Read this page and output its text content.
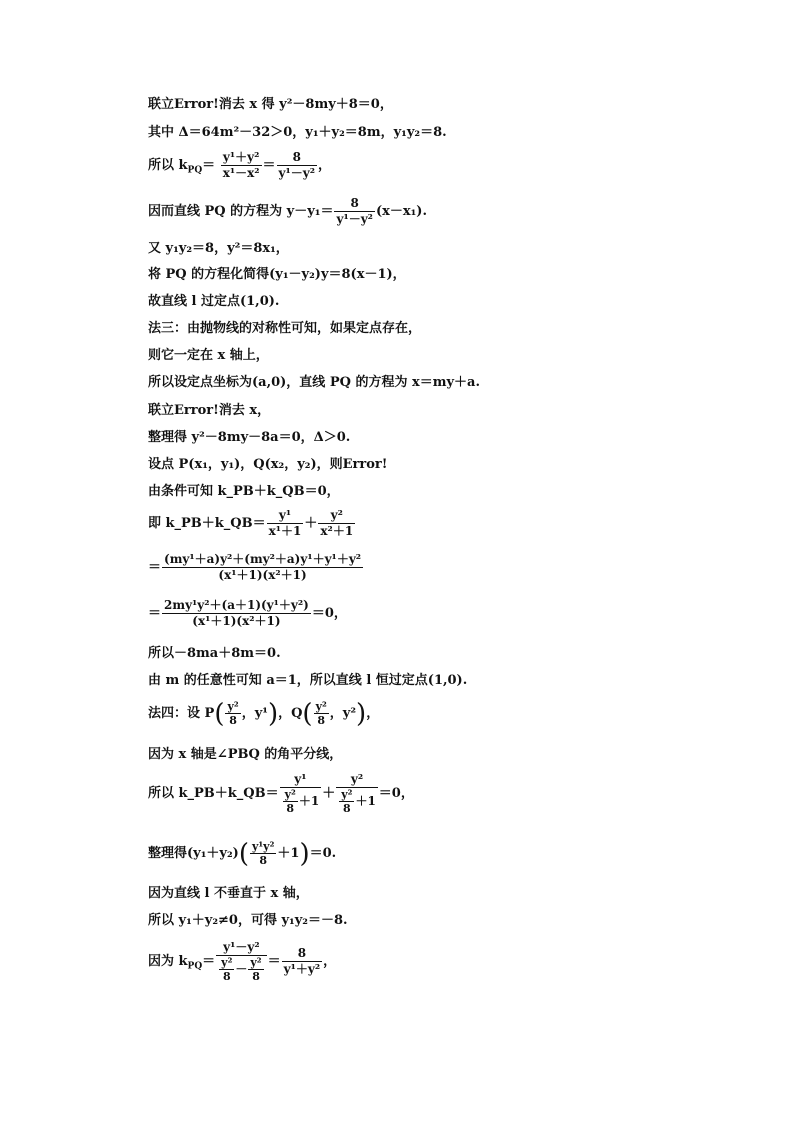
联立Error!消去 x 得 y²－8my＋8＝0，
其中 Δ＝64m²－32＞0，y₁＋y₂＝8m，y₁y₂＝8.
所以 $k_{PQ}= \frac{\text{y¹＋y²}}{\text{x¹－x²}} = \frac{8}{\text{y¹－y²}}$ ，
因而直线 PQ 的方程为 $y-y_1= \frac{8}{\text{y¹－y²}} (x-x_1)$.
又 y₁y₂＝8，y²＝8x₁，
将 PQ 的方程化简得(y₁－y₂)y＝8(x－1)，
故直线 l 过定点(1,0).
法三：由抛物线的对称性可知，如果定点存在，
则它一定在 x 轴上，
所以设定点坐标为(a,0)，直线 PQ 的方程为 x＝my＋a.
联立Error!消去 x，
整理得 y²－8my－8a＝0，Δ＞0.
设点 P(x₁，y₁)，Q(x₂，y₂)，则Error!
由条件可知 k_PB＋k_QB＝0，
即 k_PB＋k_QB＝ $\frac{\text{y¹}}{\text{x¹＋1}} + \frac{\text{y²}}{\text{x²＋1}}$
＝ $\frac{\text{(my¹＋a)y²＋(my²＋a)y¹＋y¹＋y²}}{\text{(x¹＋1)(x²＋1)}}$
＝ $\frac{\text{2my¹y²＋(a＋1)(y¹＋y²)}}{\text{(x¹＋1)(x²＋1)}} =0$，
所以－8ma＋8m＝0.
由 m 的任意性可知 a＝1，所以直线 l 恒过定点(1,0).
法四：设 $P( \frac{\text{y²}}{8}$ ，y¹)，$Q( \frac{\text{y²}}{8}$ ，y²)，
因为 x 轴是∠PBQ 的角平分线，
所以 k_PB＋k_QB＝ $\frac{\text{y¹}}{\frac{\text{y²}}{8} +1} + \frac{\text{y²}}{\frac{\text{y²}}{8} +1} =0$，
整理得$(y_1+y_2)( \frac{\text{y¹y²}}{8} +1)=0$.
因为直线 l 不垂直于 x 轴，
所以 y₁＋y₂≠0，可得 y₁y₂＝－8.
因为 $k_{PQ}= \frac{\text{y¹－y²}}{\frac{\text{y²}}{8} - \frac{\text{y²}}{8}} = \frac{8}{\text{y¹＋y²}}$ ，
